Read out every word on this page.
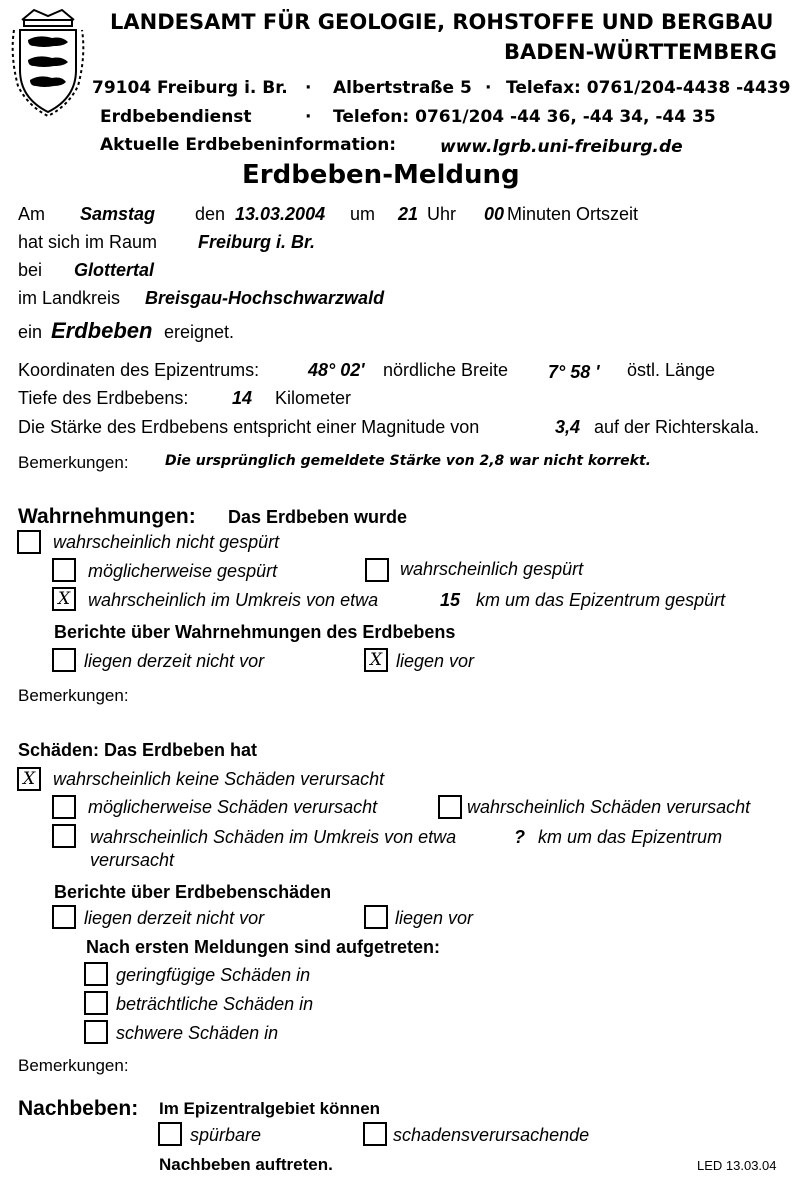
LANDESAMT FÜR GEOLOGIE, ROHSTOFFE UND BERGBAU
BADEN-WÜRTTEMBERG
79104 Freiburg i. Br. · Albertstraße 5 · Telefax: 0761/204-4438 -4439
Erdbebendienst	· Telefon: 0761/204 -44 36, -44 34, -44 35
Aktuelle Erdbebeninformation:	www.lgrb.uni-freiburg.de
Erdbeben-Meldung
Am Samstag den 13.03.2004 um 21 Uhr 00 Minuten Ortszeit
hat sich im Raum Freiburg i. Br.
bei Glottertal
im Landkreis Breisgau-Hochschwarzwald
ein Erdbeben ereignet.
Koordinaten des Epizentrums:	48° 02' nördliche Breite 7° 58 ' östl. Länge
Tiefe des Erdbebens: 14 Kilometer
Die Stärke des Erdbebens entspricht einer Magnitude von	3,4 auf der Richterskala.
Bemerkungen:	Die ursprünglich gemeldete Stärke von 2,8 war nicht korrekt.
Wahrnehmungen: Das Erdbeben wurde
wahrscheinlich nicht gespürt
möglicherweise gespürt	wahrscheinlich gespürt
X wahrscheinlich im Umkreis von etwa	15 km um das Epizentrum gespürt
Berichte über Wahrnehmungen des Erdbebens
liegen derzeit nicht vor	X liegen vor
Bemerkungen:
Schäden: Das Erdbeben hat
X wahrscheinlich keine Schäden verursacht
möglicherweise Schäden verursacht	wahrscheinlich Schäden verursacht
wahrscheinlich Schäden im Umkreis von etwa	? km um das Epizentrum
verursacht
Berichte über Erdbebenschäden
liegen derzeit nicht vor	liegen vor
Nach ersten Meldungen sind aufgetreten:
geringfügige Schäden in
beträchtliche Schäden in
schwere Schäden in
Bemerkungen:
Nachbeben: Im Epizentralgebiet können
spürbare	schadensverursachende
Nachbeben auftreten.	LED 13.03.04
